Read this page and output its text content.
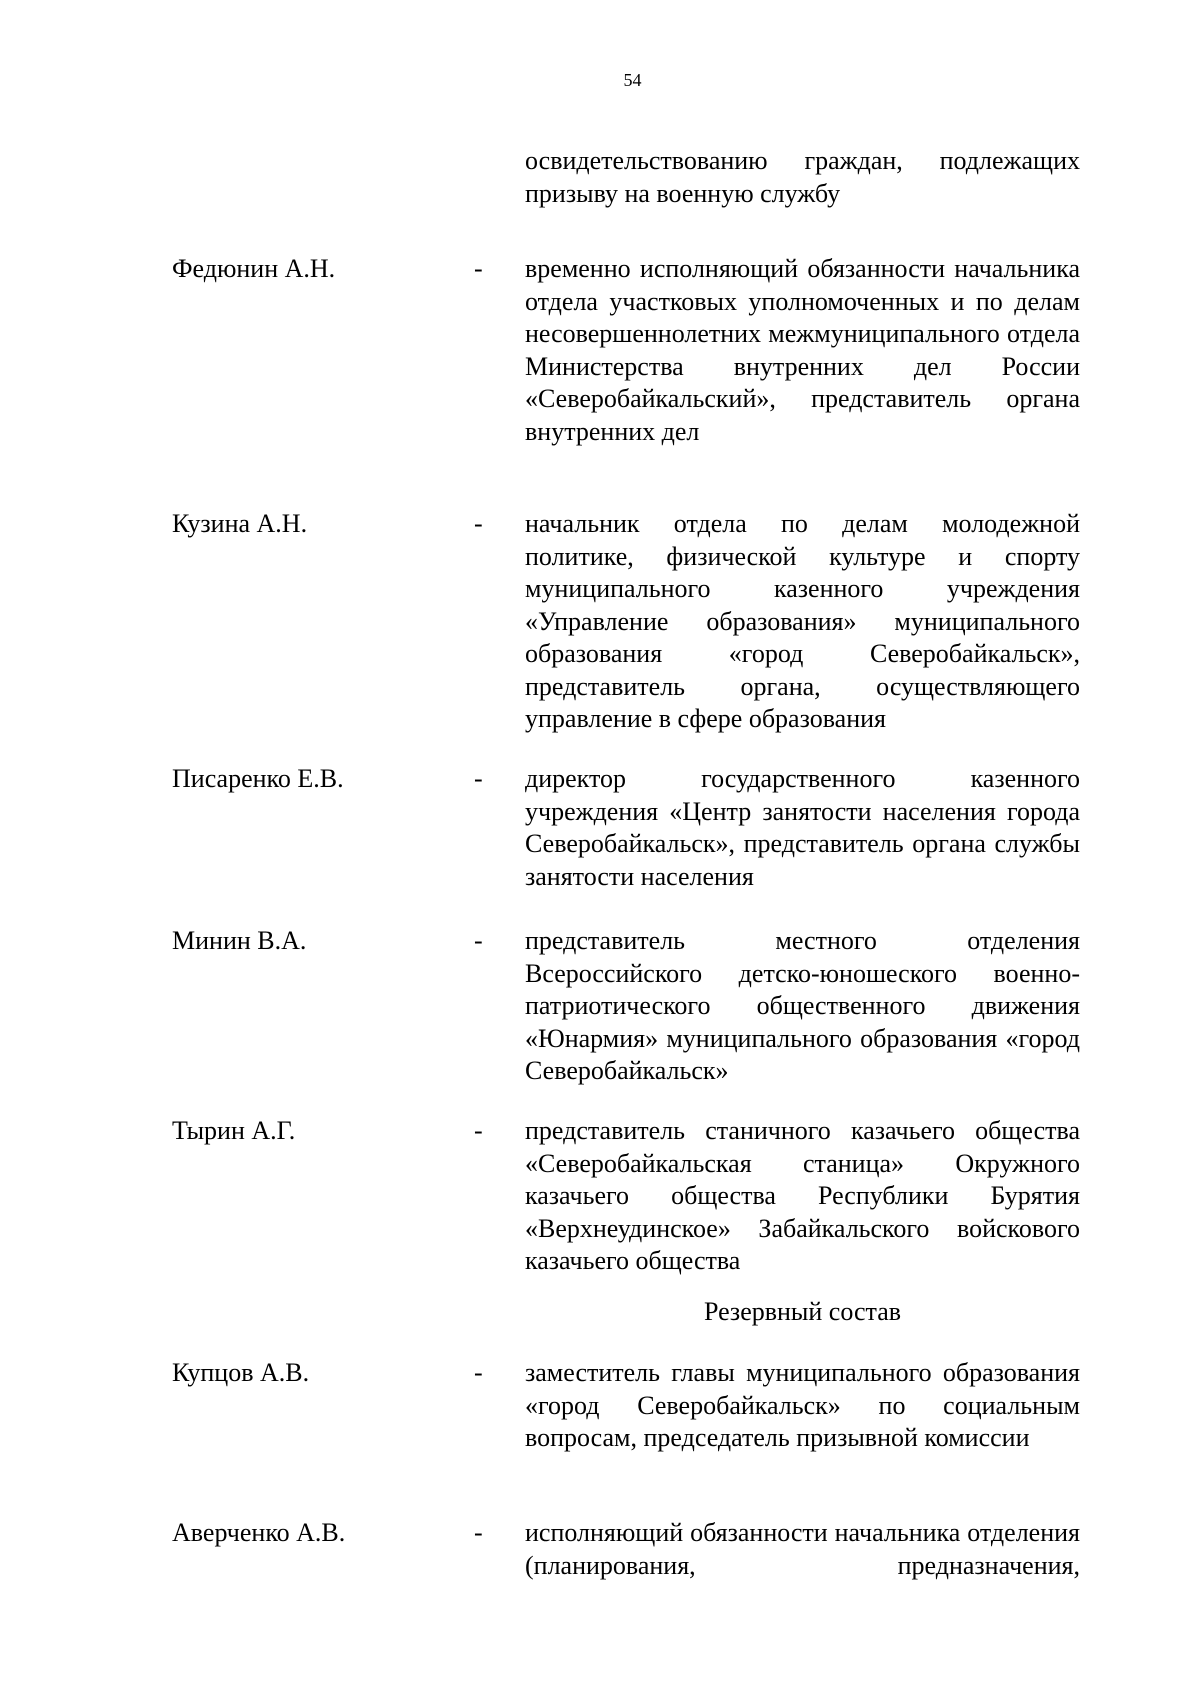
54
освидетельствованию граждан, подлежащих призыву на военную службу
Федюнин А.Н.	- временно исполняющий обязанности начальника отдела участковых уполномоченных и по делам несовершеннолетних межмуниципального отдела Министерства внутренних дел России «Северобайкальский», представитель органа внутренних дел
Кузина А.Н.	- начальник отдела по делам молодежной политике, физической культуре и спорту муниципального казенного учреждения «Управление образования» муниципального образования «город Северобайкальск», представитель органа, осуществляющего управление в сфере образования
Писаренко Е.В.	- директор государственного казенного учреждения «Центр занятости населения города Северобайкальск», представитель органа службы занятости населения
Минин В.А.	- представитель местного отделения Всероссийского детско-юношеского военно-патриотического общественного движения «Юнармия» муниципального образования «город Северобайкальск»
Тырин А.Г.	- представитель станичного казачьего общества «Северобайкальская станица» Окружного казачьего общества Республики Бурятия «Верхнеудинское» Забайкальского войскового казачьего общества
Резервный состав
Купцов А.В.	- заместитель главы муниципального образования «город Северобайкальск» по социальным вопросам, председатель призывной комиссии
Аверченко А.В.	- исполняющий обязанности начальника отделения (планирования, предназначения,
